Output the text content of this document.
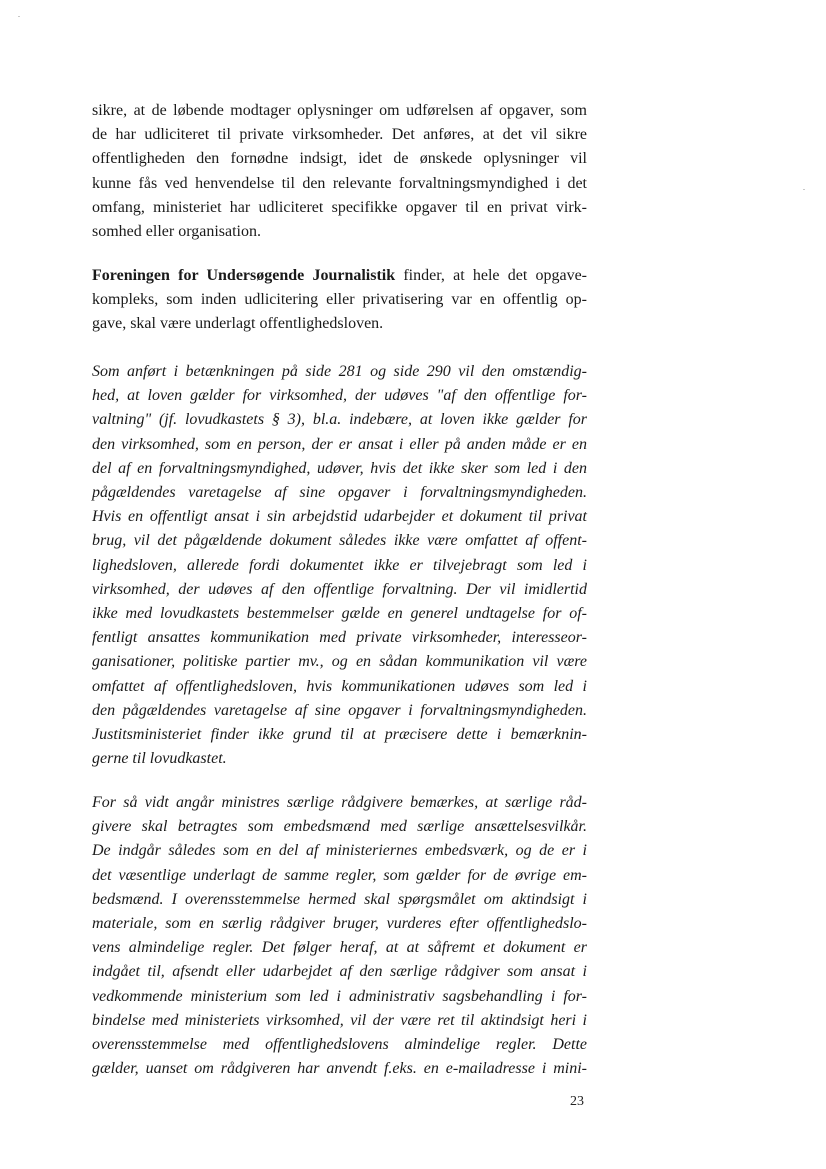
sikre, at de løbende modtager oplysninger om udførelsen af opgaver, som
de har udliciteret til private virksomheder. Det anføres, at det vil sikre
offentligheden den fornødne indsigt, idet de ønskede oplysninger vil
kunne fås ved henvendelse til den relevante forvaltningsmyndighed i det
omfang, ministeriet har udliciteret specifikke opgaver til en privat virk-
somhed eller organisation.
Foreningen for Undersøgende Journalistik finder, at hele det opgave-
kompleks, som inden udlicitering eller privatisering var en offentlig op-
gave, skal være underlagt offentlighedsloven.
Som anført i betænkningen på side 281 og side 290 vil den omstændig-
hed, at loven gælder for virksomhed, der udøves "af den offentlige for-
valtning" (jf. lovudkastets § 3), bl.a. indebære, at loven ikke gælder for
den virksomhed, som en person, der er ansat i eller på anden måde er en
del af en forvaltningsmyndighed, udøver, hvis det ikke sker som led i den
pågældendes varetagelse af sine opgaver i forvaltningsmyndigheden.
Hvis en offentligt ansat i sin arbejdstid udarbejder et dokument til privat
brug, vil det pågældende dokument således ikke være omfattet af offent-
lighedsloven, allerede fordi dokumentet ikke er tilvejebragt som led i
virksomhed, der udøves af den offentlige forvaltning. Der vil imidlertid
ikke med lovudkastets bestemmelser gælde en generel undtagelse for of-
fentligt ansattes kommunikation med private virksomheder, interesseor-
ganisationer, politiske partier mv., og en sådan kommunikation vil være
omfattet af offentlighedsloven, hvis kommunikationen udøves som led i
den pågældendes varetagelse af sine opgaver i forvaltningsmyndigheden.
Justitsministeriet finder ikke grund til at præcisere dette i bemærknin-
gerne til lovudkastet.
For så vidt angår ministres særlige rådgivere bemærkes, at særlige råd-
givere skal betragtes som embedsmænd med særlige ansættelsesvilkår.
De indgår således som en del af ministeriernes embedsværk, og de er i
det væsentlige underlagt de samme regler, som gælder for de øvrige em-
bedsmænd. I overensstemmelse hermed skal spørgsmålet om aktindsigt i
materiale, som en særlig rådgiver bruger, vurderes efter offentlighedslo-
vens almindelige regler. Det følger heraf, at at såfremt et dokument er
indgået til, afsendt eller udarbejdet af den særlige rådgiver som ansat i
vedkommende ministerium som led i administrativ sagsbehandling i for-
bindelse med ministeriets virksomhed, vil der være ret til aktindsigt heri i
overensstemmelse med offentlighedslovens almindelige regler. Dette
gælder, uanset om rådgiveren har anvendt f.eks. en e-mailadresse i mini-
23
